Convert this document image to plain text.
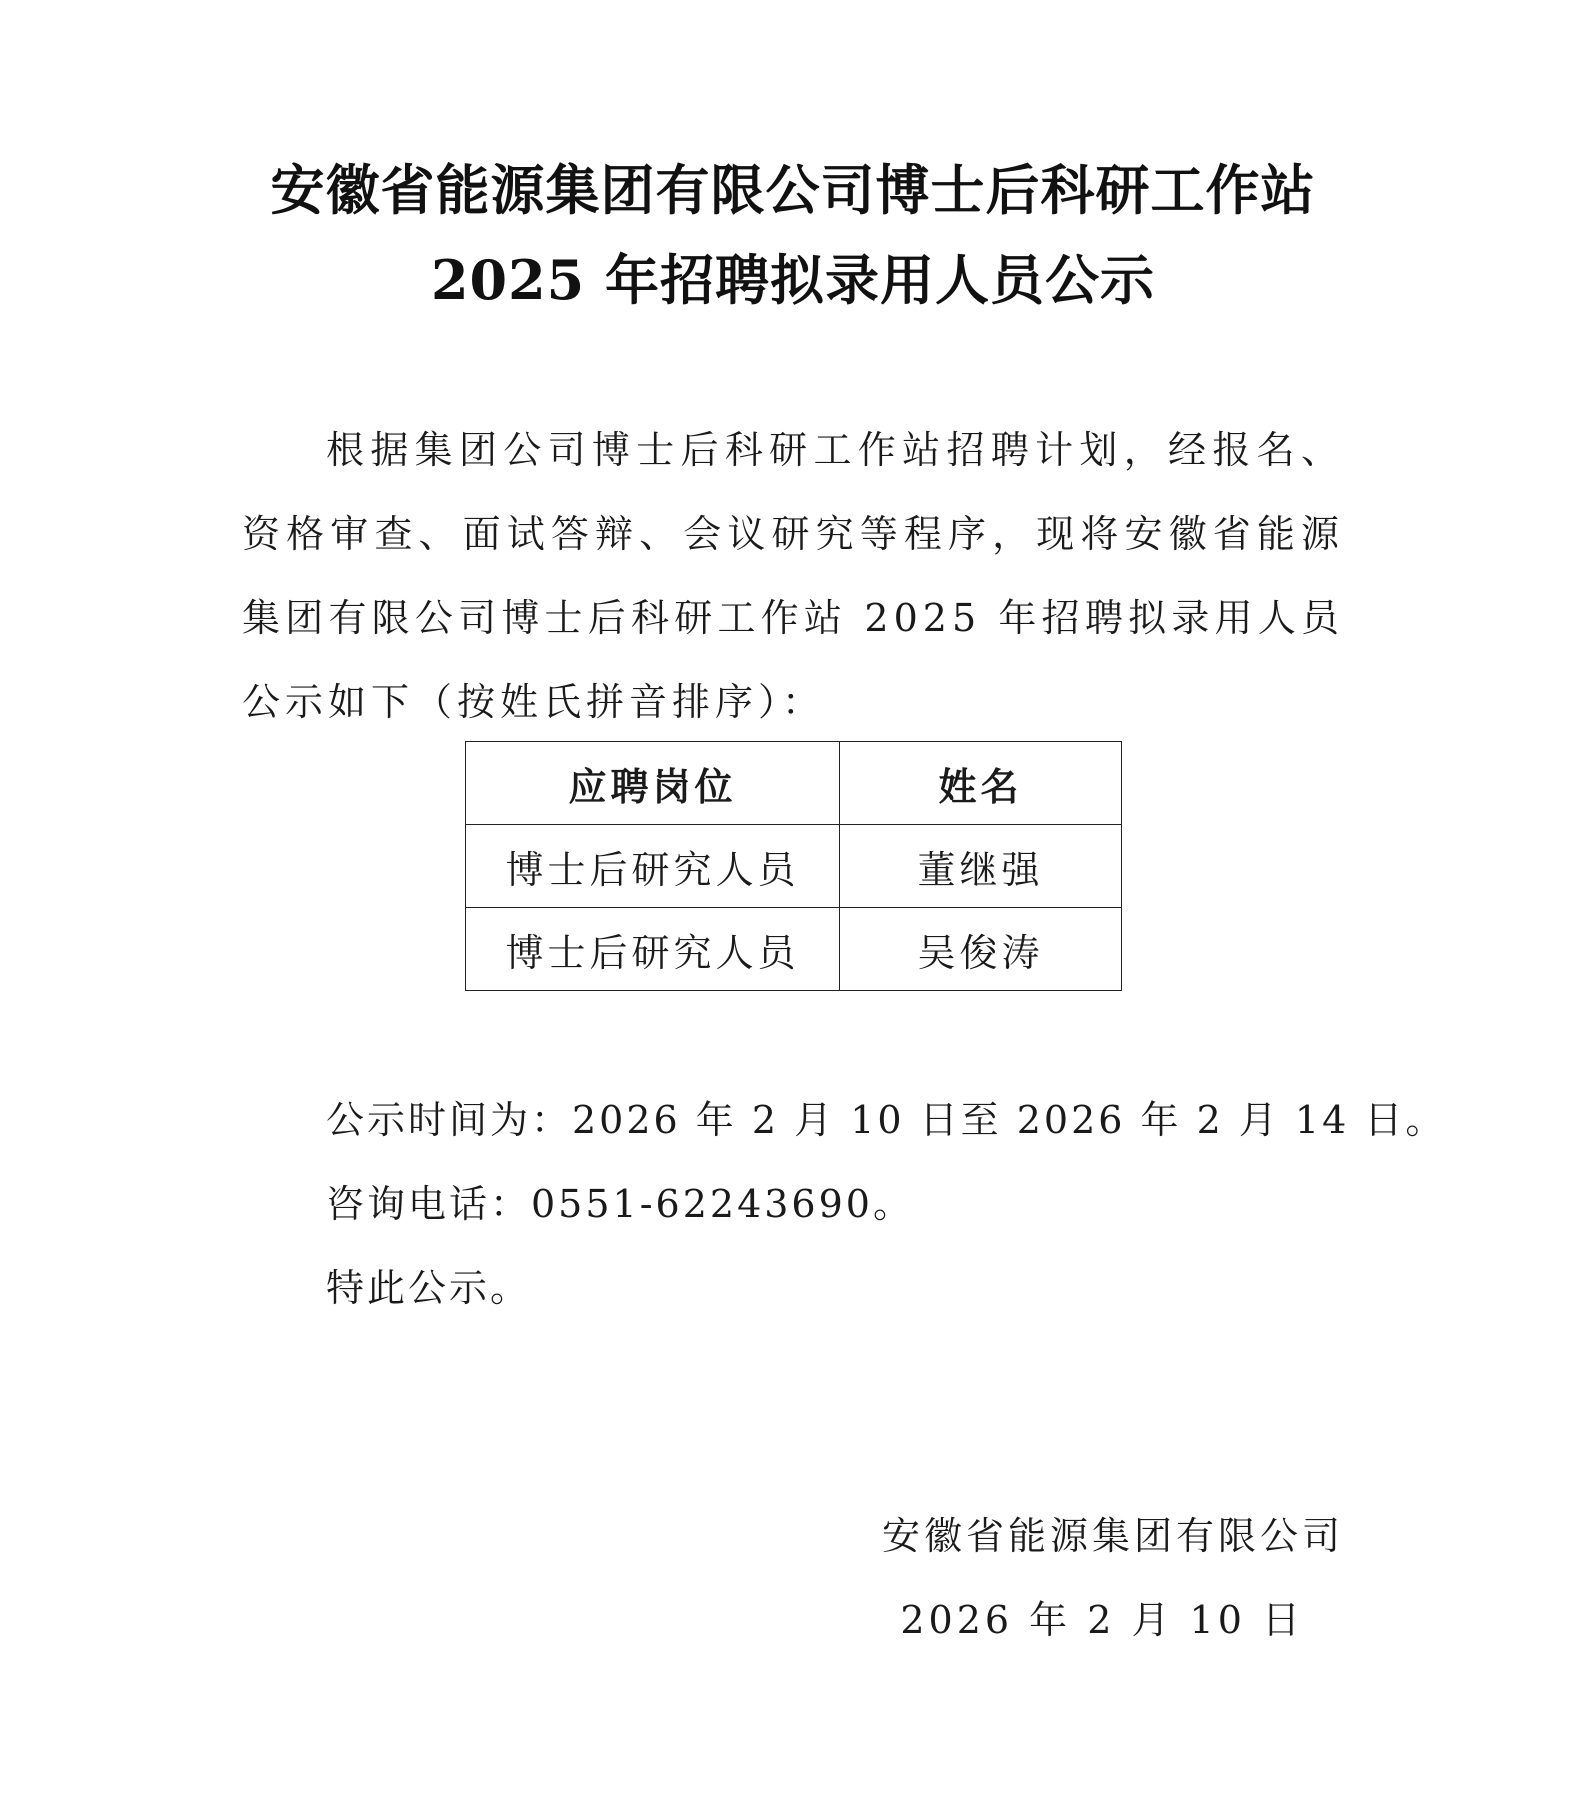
安徽省能源集团有限公司博士后科研工作站
2025 年招聘拟录用人员公示
根据集团公司博士后科研工作站招聘计划，经报名、资格审查、面试答辩、会议研究等程序，现将安徽省能源集团有限公司博士后科研工作站 2025 年招聘拟录用人员公示如下（按姓氏拼音排序）：
应聘岗位	姓名
博士后研究人员	董继强
博士后研究人员	吴俊涛
公示时间为：2026 年 2 月 10 日至 2026 年 2 月 14 日。
咨询电话：0551-62243690。
特此公示。
安徽省能源集团有限公司
2026 年 2 月 10 日
